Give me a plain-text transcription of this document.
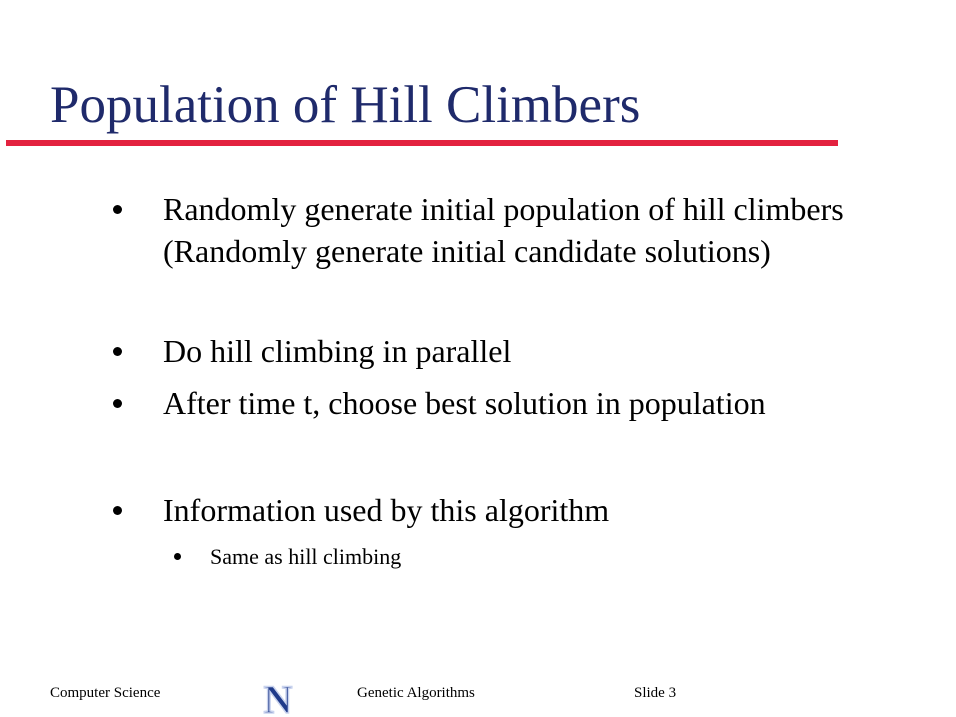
Population of Hill Climbers
Randomly generate initial population of hill climbers (Randomly generate initial candidate solutions)
Do hill climbing in parallel
After time t, choose best solution in population
Information used by this algorithm
Same as hill climbing
Computer Science	N	Genetic Algorithms	Slide 3
